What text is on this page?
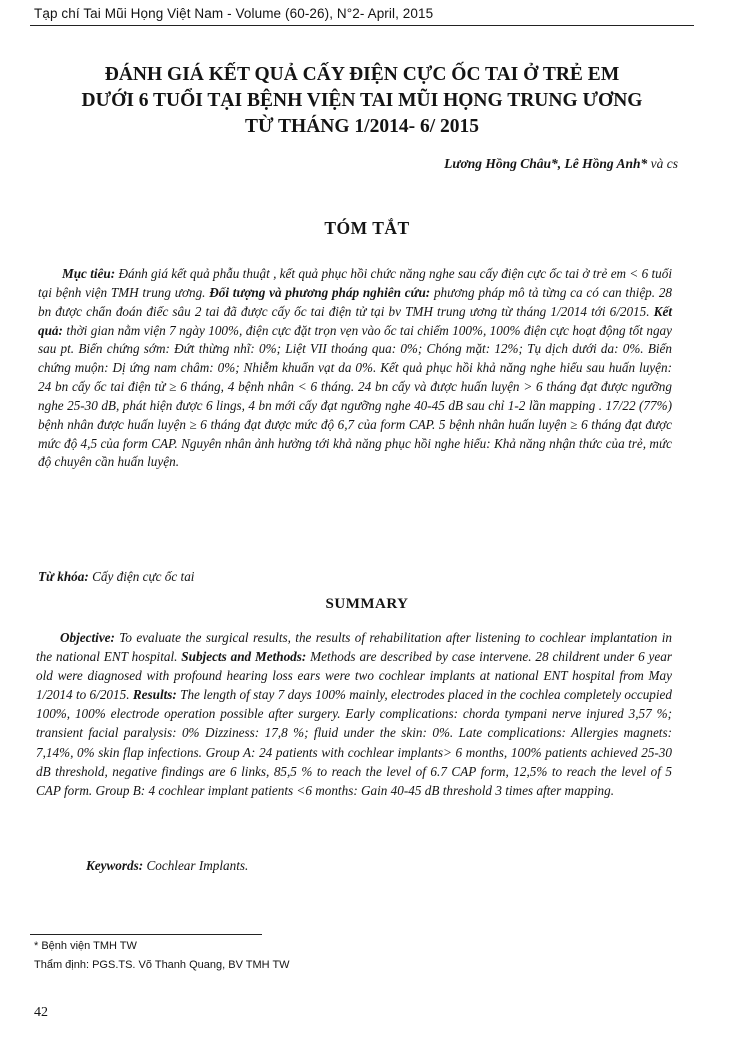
Tạp chí Tai Mũi Họng Việt Nam - Volume (60-26), N°2- April, 2015
ĐÁNH GIÁ KẾT QUẢ CẤY ĐIỆN CỰC ỐC TAI Ở TRẺ EM
DƯỚI 6 TUỔI TẠI BỆNH VIỆN TAI MŨI HỌNG TRUNG ƯƠNG
TỪ THÁNG 1/2014- 6/ 2015
Lương Hồng Châu*, Lê Hồng Anh* và cs
TÓM TẮT

Mục tiêu: Đánh giá kết quả phẫu thuật , kết quả phục hồi chức năng nghe sau cấy điện cực ốc tai ở trẻ em < 6 tuổi tại bệnh viện TMH trung ương. Đối tượng và phương pháp nghiên cứu: phương pháp mô tả từng ca có can thiệp. 28 bn được chẩn đoán điếc sâu 2 tai đã được cấy ốc tai điện tử tại bv TMH trung ương từ tháng 1/2014 tới 6/2015. Kết quả: thời gian nằm viện 7 ngày 100%, điện cực đặt trọn vẹn vào ốc tai chiếm 100%, 100% điện cực hoạt động tốt ngay sau pt. Biến chứng sớm: Đứt thừng nhĩ: 0%; Liệt VII thoáng qua: 0%; Chóng mặt: 12%; Tụ dịch dưới da: 0%. Biến chứng muộn: Dị ứng nam châm: 0%; Nhiễm khuẩn vạt da 0%. Kết quả phục hồi khả năng nghe hiểu sau huấn luyện: 24 bn cấy ốc tai điện tử ≥ 6 tháng, 4 bệnh nhân < 6 tháng. 24 bn cấy và được huấn luyện > 6 tháng đạt được ngưỡng nghe 25-30 dB, phát hiện được 6 lings, 4 bn mới cấy đạt ngưỡng nghe 40-45 dB sau chỉ 1-2 lần mapping . 17/22 (77%) bệnh nhân được huấn luyện ≥ 6 tháng đạt được mức độ 6,7 của form CAP. 5 bệnh nhân huấn luyện ≥ 6 tháng đạt được mức độ 4,5 của form CAP. Nguyên nhân ảnh hưởng tới khả năng phục hồi nghe hiểu: Khả năng nhận thức của trẻ, mức độ chuyên cần huấn luyện.

Từ khóa: Cấy điện cực ốc tai
SUMMARY

Objective: To evaluate the surgical results, the results of rehabilitation after listening to cochlear implantation in the national ENT hospital. Subjects and Methods: Methods are described by case intervene. 28 childrent under 6 year old were diagnosed with profound hearing loss ears were two cochlear implants at national ENT hospital from May 1/2014 to 6/2015. Results: The length of stay 7 days 100% mainly, electrodes placed in the cochlea completely occupied 100%, 100% electrode operation possible after surgery. Early complications: chorda tympani nerve injured 3,57 %; transient facial paralysis: 0% Dizziness: 17,8 %; fluid under the skin: 0%. Late complications: Allergies magnets: 7,14%, 0% skin flap infections. Group A: 24 patients with cochlear implants> 6 months, 100% patients achieved 25-30 dB threshold, negative findings are 6 links, 85,5 % to reach the level of 6.7 CAP form, 12,5% to reach the level of 5 CAP form. Group B: 4 cochlear implant patients <6 months: Gain 40-45 dB threshold 3 times after mapping.

Keywords: Cochlear Implants.
* Bệnh viện TMH TW
Thẩm định: PGS.TS. Võ Thanh Quang, BV TMH TW
42
